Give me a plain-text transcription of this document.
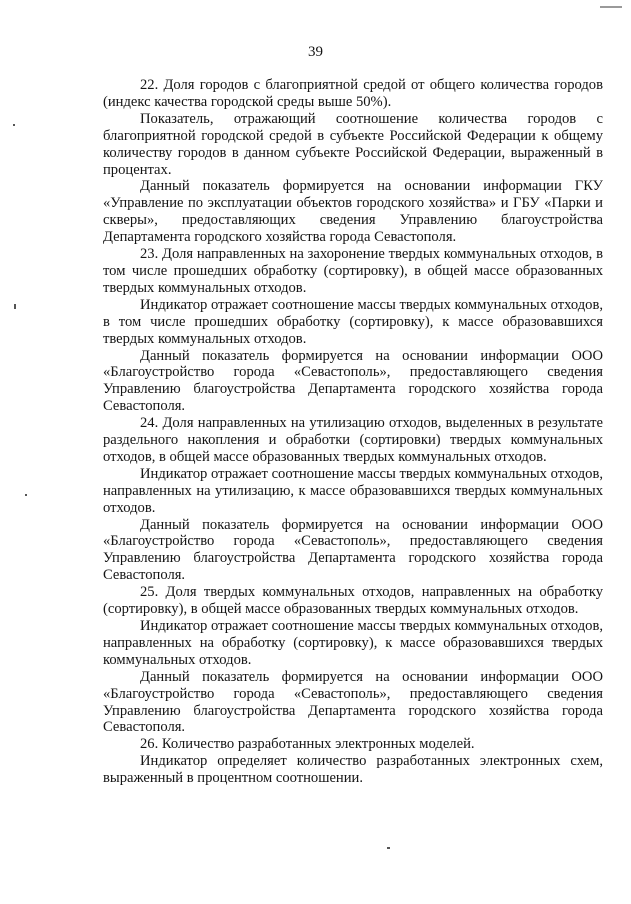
39

22. Доля городов с благоприятной средой от общего количества городов (индекс качества городской среды выше 50%).

Показатель, отражающий соотношение количества городов с благоприятной городской средой в субъекте Российской Федерации к общему количеству городов в данном субъекте Российской Федерации, выраженный в процентах.

Данный показатель формируется на основании информации ГКУ «Управление по эксплуатации объектов городского хозяйства» и ГБУ «Парки и скверы», предоставляющих сведения Управлению благоустройства Департамента городского хозяйства города Севастополя.

23. Доля направленных на захоронение твердых коммунальных отходов, в том числе прошедших обработку (сортировку), в общей массе образованных твердых коммунальных отходов.

Индикатор отражает соотношение массы твердых коммунальных отходов, в том числе прошедших обработку (сортировку), к массе образовавшихся твердых коммунальных отходов.

Данный показатель формируется на основании информации ООО «Благоустройство города «Севастополь», предоставляющего сведения Управлению благоустройства Департамента городского хозяйства города Севастополя.

24. Доля направленных на утилизацию отходов, выделенных в результате раздельного накопления и обработки (сортировки) твердых коммунальных отходов, в общей массе образованных твердых коммунальных отходов.

Индикатор отражает соотношение массы твердых коммунальных отходов, направленных на утилизацию, к массе образовавшихся твердых коммунальных отходов.

Данный показатель формируется на основании информации ООО «Благоустройство города «Севастополь», предоставляющего сведения Управлению благоустройства Департамента городского хозяйства города Севастополя.

25. Доля твердых коммунальных отходов, направленных на обработку (сортировку), в общей массе образованных твердых коммунальных отходов.

Индикатор отражает соотношение массы твердых коммунальных отходов, направленных на обработку (сортировку), к массе образовавшихся твердых коммунальных отходов.

Данный показатель формируется на основании информации ООО «Благоустройство города «Севастополь», предоставляющего сведения Управлению благоустройства Департамента городского хозяйства города Севастополя.

26. Количество разработанных электронных моделей.

Индикатор определяет количество разработанных электронных схем, выраженный в процентном соотношении.
